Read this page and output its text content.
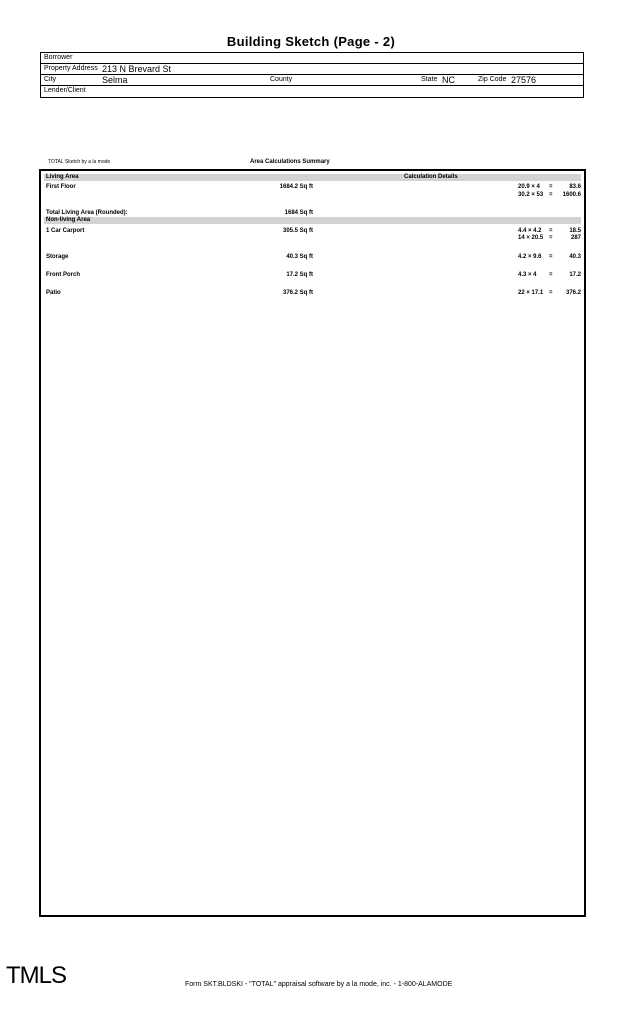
Building Sketch (Page - 2)
Borrower
Property Address 213 N Brevard St
City	Selma	County	State NC	Zip Code 27576
Lender/Client
TOTAL Sketch by a la mode	Area Calculations Summary
Living Area	Calculation Details
First Floor	1684.2 Sq ft	20.9 × 4 =	83.6
30.2 × 53 = 1600.6
Total Living Area (Rounded):	1684 Sq ft
Non-living Area
1 Car Carport	305.5 Sq ft	4.4 × 4.2 =	18.5
14 × 20.5 =	287
Storage	40.3 Sq ft	4.2 × 9.6 =	40.3
Front Porch	17.2 Sq ft	4.3 × 4 =	17.2
Patio	376.2 Sq ft	22 × 17.1 = 376.2
TMLS	Form SKT.BLDSKI - "TOTAL" appraisal software by a la mode, inc. - 1-800-ALAMODE
